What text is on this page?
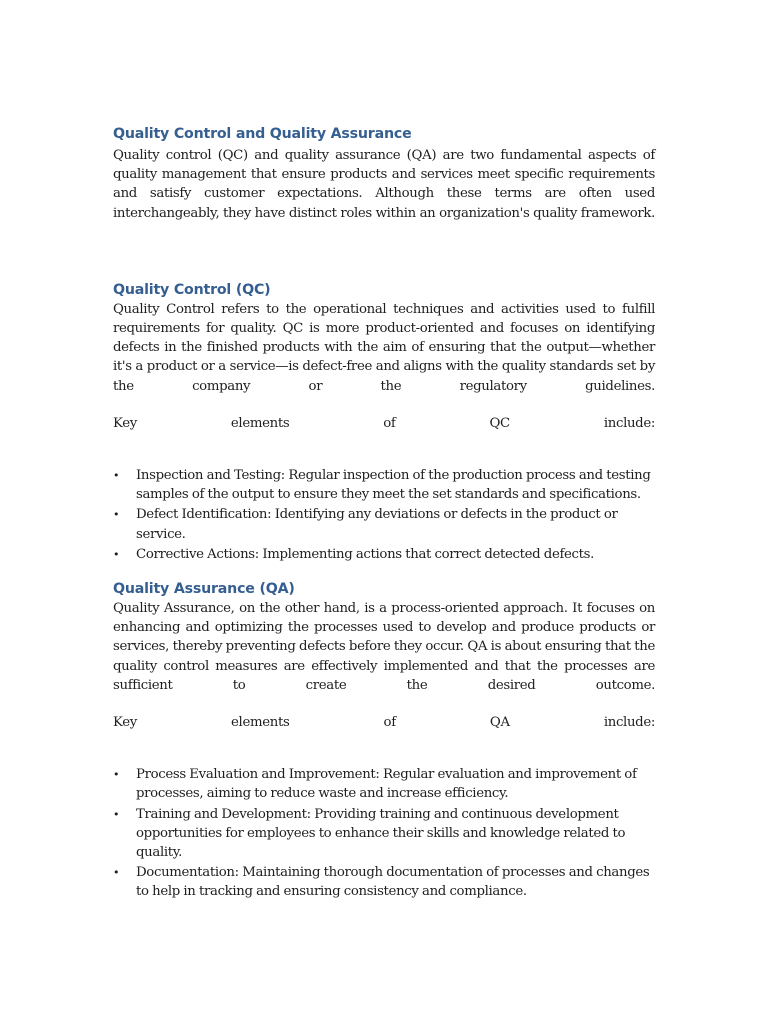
Quality Control and Quality Assurance

Quality control (QC) and quality assurance (QA) are two fundamental aspects of quality management that ensure products and services meet specific requirements and satisfy customer expectations. Although these terms are often used interchangeably, they have distinct roles within an organization's quality framework.

Quality Control (QC)

Quality Control refers to the operational techniques and activities used to fulfill requirements for quality. QC is more product-oriented and focuses on identifying defects in the finished products with the aim of ensuring that the output—whether it's a product or a service—is defect-free and aligns with the quality standards set by the company or the regulatory guidelines.

Key elements of QC include:

• Inspection and Testing: Regular inspection of the production process and testing samples of the output to ensure they meet the set standards and specifications.
• Defect Identification: Identifying any deviations or defects in the product or service.
• Corrective Actions: Implementing actions that correct detected defects.
Quality Assurance (QA)

Quality Assurance, on the other hand, is a process-oriented approach. It focuses on enhancing and optimizing the processes used to develop and produce products or services, thereby preventing defects before they occur. QA is about ensuring that the quality control measures are effectively implemented and that the processes are sufficient to create the desired outcome.

Key elements of QA include:

• Process Evaluation and Improvement: Regular evaluation and improvement of processes, aiming to reduce waste and increase efficiency.
• Training and Development: Providing training and continuous development opportunities for employees to enhance their skills and knowledge related to quality.
• Documentation: Maintaining thorough documentation of processes and changes to help in tracking and ensuring consistency and compliance.
